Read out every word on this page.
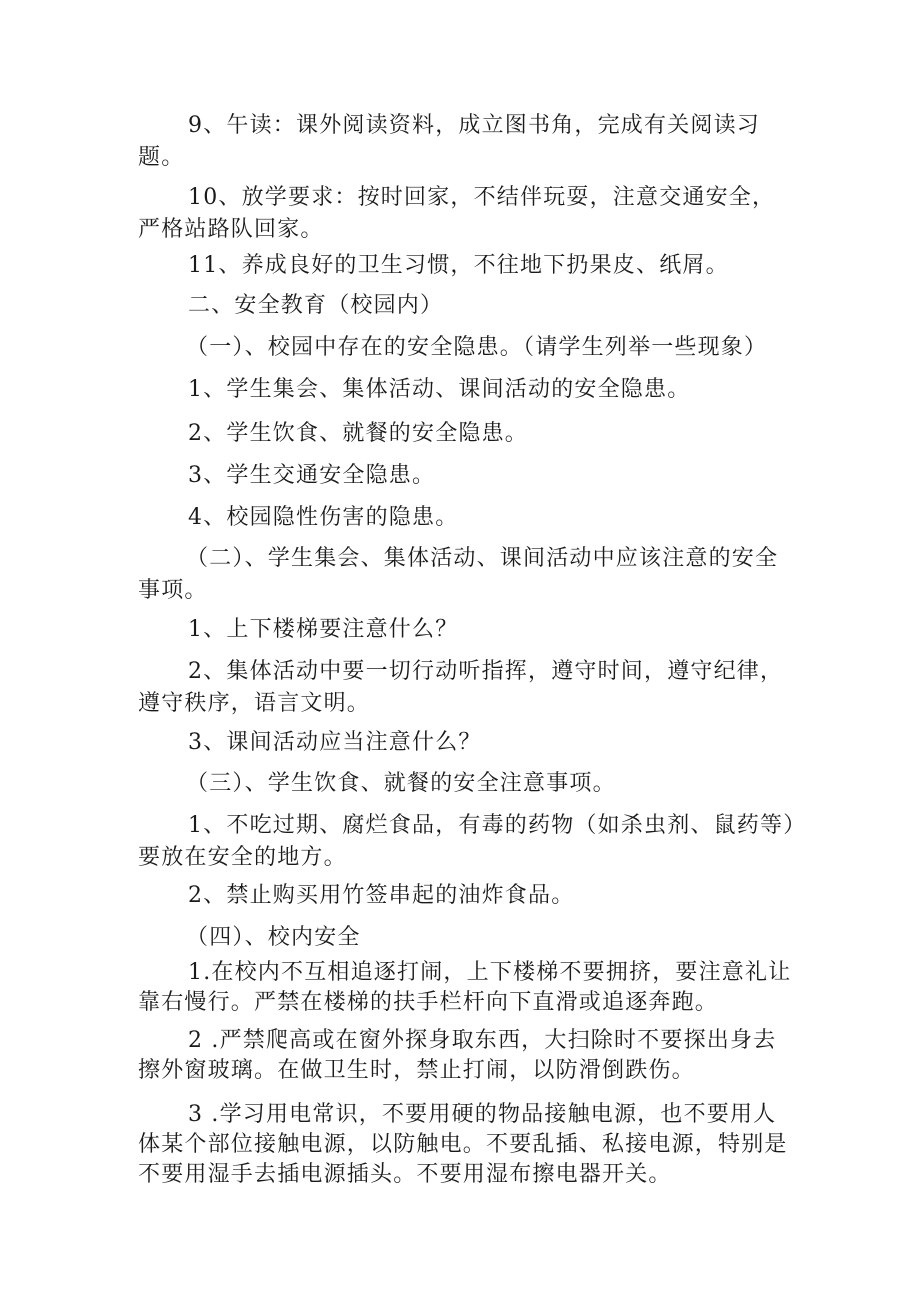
9、午读：课外阅读资料，成立图书角，完成有关阅读习题。

10、放学要求：按时回家，不结伴玩耍，注意交通安全，严格站路队回家。

11、养成良好的卫生习惯，不往地下扔果皮、纸屑。

二、安全教育（校园内）

（一）、校园中存在的安全隐患。（请学生列举一些现象）

1、学生集会、集体活动、课间活动的安全隐患。

2、学生饮食、就餐的安全隐患。

3、学生交通安全隐患。

4、校园隐性伤害的隐患。

（二）、学生集会、集体活动、课间活动中应该注意的安全事项。

1、上下楼梯要注意什么？

2、集体活动中要一切行动听指挥，遵守时间，遵守纪律，遵守秩序，语言文明。

3、课间活动应当注意什么？

（三）、学生饮食、就餐的安全注意事项。

1、不吃过期、腐烂食品，有毒的药物（如杀虫剂、鼠药等）要放在安全的地方。

2、禁止购买用竹签串起的油炸食品。

（四）、校内安全

1.在校内不互相追逐打闹，上下楼梯不要拥挤，要注意礼让靠右慢行。严禁在楼梯的扶手栏杆向下直滑或追逐奔跑。

2 .严禁爬高或在窗外探身取东西，大扫除时不要探出身去擦外窗玻璃。在做卫生时，禁止打闹，以防滑倒跌伤。

3 .学习用电常识，不要用硬的物品接触电源，也不要用人体某个部位接触电源，以防触电。不要乱插、私接电源，特别是不要用湿手去插电源插头。不要用湿布擦电器开关。
